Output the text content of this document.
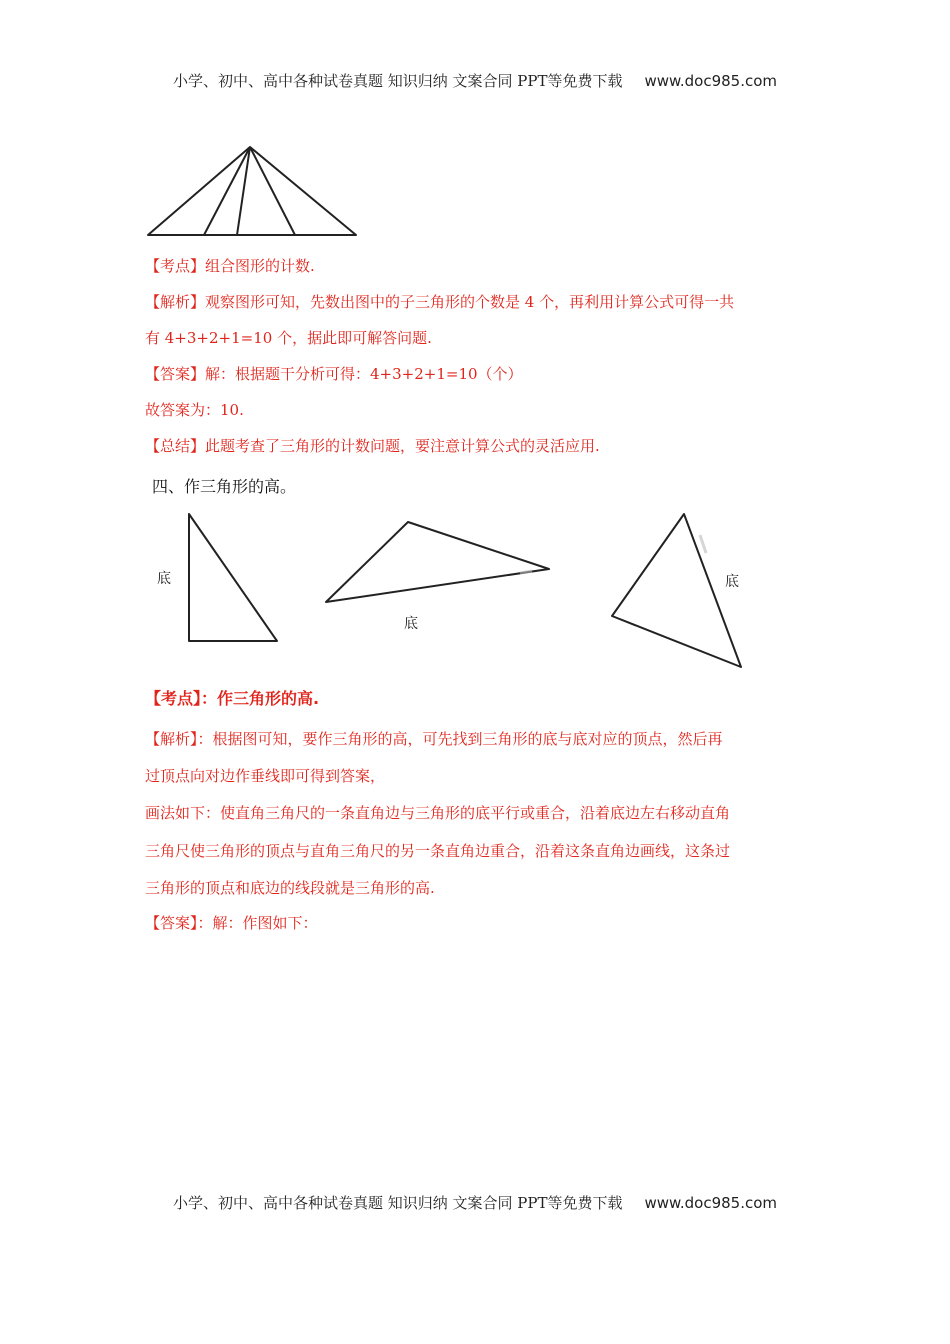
小学、初中、高中各种试卷真题 知识归纳 文案合同 PPT等免费下载 www.doc985.com
【考点】组合图形的计数.
【解析】观察图形可知，先数出图中的子三角形的个数是 4 个，再利用计算公式可得一共
有 4+3+2+1=10 个，据此即可解答问题.
【答案】解：根据题干分析可得：4+3+2+1=10（个）
故答案为：10.
【总结】此题考查了三角形的计数问题，要注意计算公式的灵活应用.
四、作三角形的高。
底
底
底
【考点】：作三角形的高.
【解析】：根据图可知，要作三角形的高，可先找到三角形的底与底对应的顶点，然后再
过顶点向对边作垂线即可得到答案，
画法如下：使直角三角尺的一条直角边与三角形的底平行或重合，沿着底边左右移动直角
三角尺使三角形的顶点与直角三角尺的另一条直角边重合，沿着这条直角边画线，这条过
三角形的顶点和底边的线段就是三角形的高.
【答案】：解：作图如下：
小学、初中、高中各种试卷真题 知识归纳 文案合同 PPT等免费下载 www.doc985.com
